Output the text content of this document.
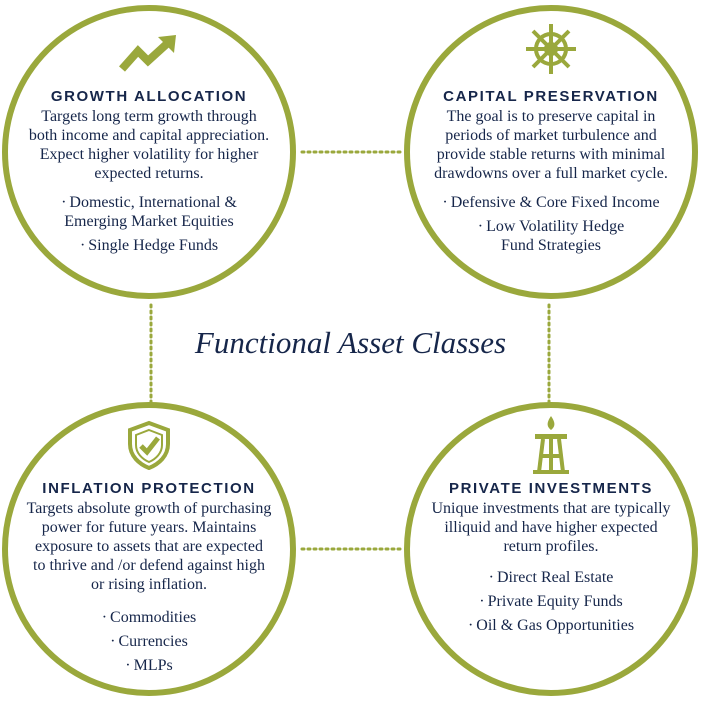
Functional Asset Classes
GROWTH ALLOCATION
Targets long term growth through
both income and capital appreciation.
Expect higher volatility for higher
expected returns.
· Domestic, International &
Emerging Market Equities
· Single Hedge Funds
CAPITAL PRESERVATION
The goal is to preserve capital in
periods of market turbulence and
provide stable returns with minimal
drawdowns over a full market cycle.
· Defensive & Core Fixed Income
· Low Volatility Hedge
Fund Strategies
INFLATION PROTECTION
Targets absolute growth of purchasing
power for future years. Maintains
exposure to assets that are expected
to thrive and /or defend against high
or rising inflation.
· Commodities
· Currencies
· MLPs
PRIVATE INVESTMENTS
Unique investments that are typically
illiquid and have higher expected
return profiles.
· Direct Real Estate
· Private Equity Funds
· Oil & Gas Opportunities
